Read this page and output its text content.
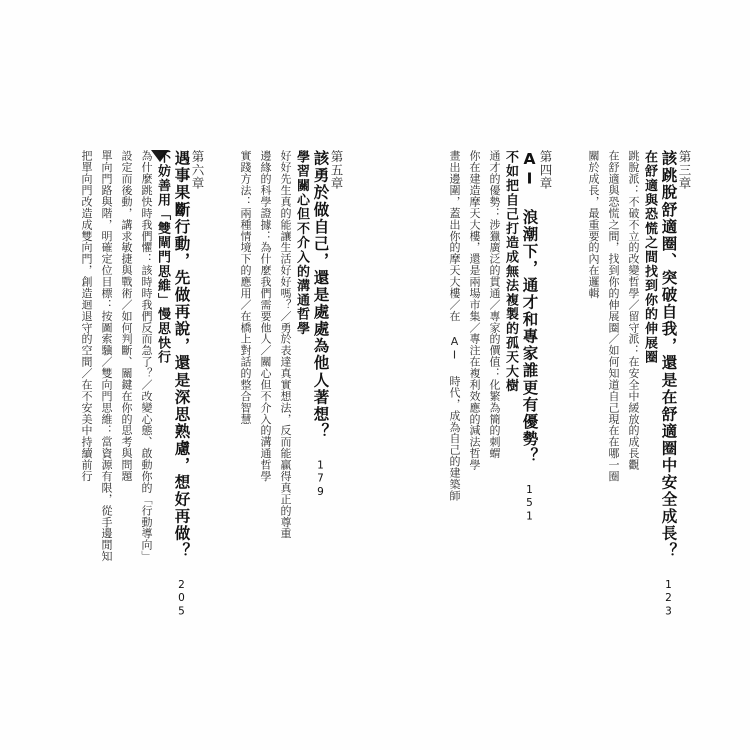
第三章
該跳脫舒適圈、突破自我，還是在舒適圈中安全成長？ 123
在舒適與恐慌之間找到你的伸展圈
跳脫派：不破不立的改變哲學／留守派：在安全中緩放的成長觀
在舒適與恐慌之間，找到你的伸展圈／如何知道自己現在在哪一圈
關於成長，最重要的內在邏輯
第四章
AI 浪潮下，通才和專家誰更有優勢？ 151
不如把自己打造成無法複製的孤天大樹
通才的優勢：涉獵廣泛的貫通／專家的價值：化繁為簡的刺蝟
你在建造摩天大樓，還是兩場市集／專注在複利效應的減法哲學
畫出邊圍，蓋出你的摩天大樓／在 AI 時代，成為自己的建築師
第五章
該勇於做自己，還是處處為他人著想？ 179
學習關心但不介入的溝通哲學
好好先生真的能讓生活好好嗎？／勇於表達真實想法，反而能贏得真正的尊重
邊緣的科學證據：為什麼我們需要他人／關心但不介入的溝通哲學
實踐方法：兩種情境下的應用／在橋上對話的整合智慧
第六章
遇事果斷行動，先做再說，還是深思熟慮，想好再做？ 205
不妨善用「雙閘門思維」慢思快行
為什麼跳快時我們懼：該時時我們反而急了？／改變心態、啟動你的「行動導向」
設定而後動，講求敏捷與戰術／如何判斷、關鍵在你的思考與問題
單向門路與階，明確定位目標：按圖索驥／雙向門思維：當資源有限，從手邊閒知
把單向門改造成雙向門，創造迴退守的空間／在不安美中持續前行
